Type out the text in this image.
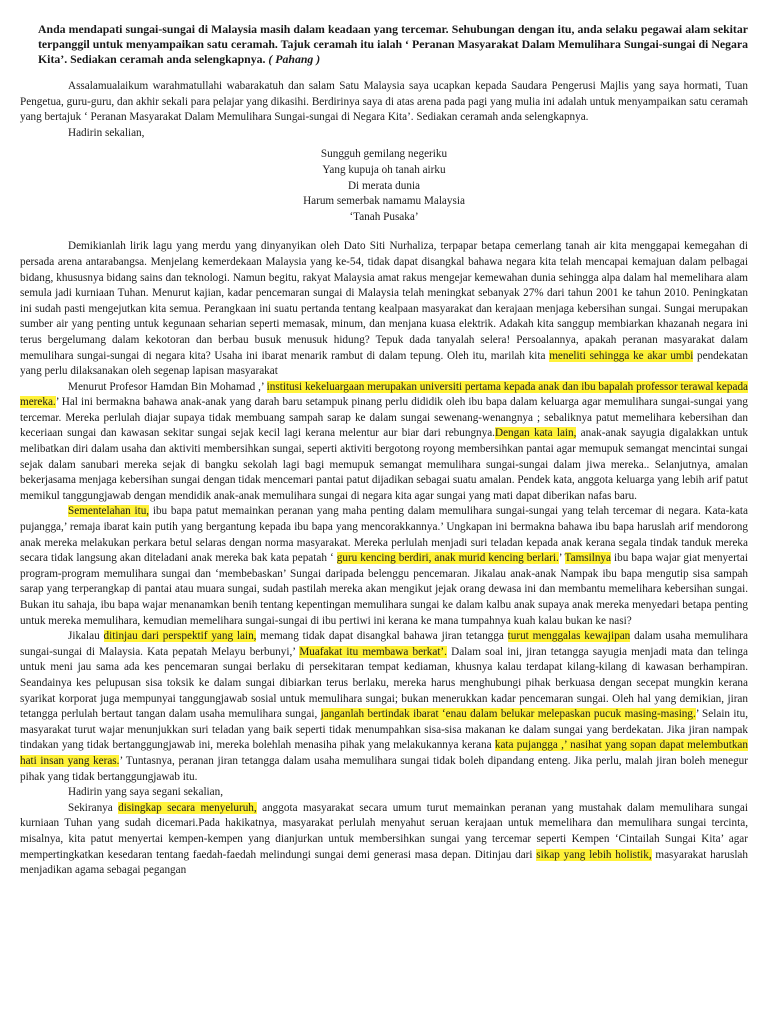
Anda mendapati sungai-sungai di Malaysia masih dalam keadaan yang tercemar. Sehubungan dengan itu, anda selaku pegawai alam sekitar terpanggil untuk menyampaikan satu ceramah. Tajuk ceramah itu ialah ‘ Peranan Masyarakat Dalam Memulihara Sungai-sungai di Negara Kita’. Sediakan ceramah anda selengkapnya. ( Pahang )

Assalamualaikum warahmatullahi wabarakatuh dan salam Satu Malaysia saya ucapkan kepada Saudara Pengerusi Majlis yang saya hormati, Tuan Pengetua, guru-guru, dan akhir sekali para pelajar yang dikasihi. Berdirinya saya di atas arena pada pagi yang mulia ini adalah untuk menyampaikan satu ceramah yang bertajuk ‘ Peranan Masyarakat Dalam Memulihara Sungai-sungai di Negara Kita’. Sediakan ceramah anda selengkapnya.

Hadirin sekalian,

Sungguh gemilang negeriku
Yang kupuja oh tanah airku
Di merata dunia
Harum semerbak namamu Malaysia
‘Tanah Pusaka’

Demikianlah lirik lagu yang merdu yang dinyanyikan oleh Dato Siti Nurhaliza, terpapar betapa cemerlang tanah air kita menggapai kemegahan di persada arena antarabangsa. Menjelang kemerdekaan Malaysia yang ke-54, tidak dapat disangkal bahawa negara kita telah mencapai kemajuan dalam pelbagai bidang, khususnya bidang sains dan teknologi. Namun begitu, rakyat Malaysia amat rakus mengejar kemewahan dunia sehingga alpa dalam hal memelihara alam semula jadi kurniaan Tuhan. Menurut kajian, kadar pencemaran sungai di Malaysia telah meningkat sebanyak 27% dari tahun 2001 ke tahun 2010. Peningkatan ini sudah pasti mengejutkan kita semua. Perangkaan ini suatu pertanda tentang kealpaan masyarakat dan kerajaan menjaga kebersihan sungai. Sungai merupakan sumber air yang penting untuk kegunaan seharian seperti memasak, minum, dan menjana kuasa elektrik. Adakah kita sanggup membiarkan khazanah negara ini terus bergelumang dalam kekotoran dan berbau busuk menusuk hidung? Tepuk dada tanyalah selera! Persoalannya, apakah peranan masyarakat dalam memulihara sungai-sungai di negara kita? Usaha ini ibarat menarik rambut di dalam tepung. Oleh itu, marilah kita meneliti sehingga ke akar umbi pendekatan yang perlu dilaksanakan oleh segenap lapisan masyarakat

Menurut Profesor Hamdan Bin Mohamad ,’ institusi kekeluargaan merupakan universiti pertama kepada anak dan ibu bapalah professor terawal kepada mereka.’ Hal ini bermakna bahawa anak-anak yang darah baru setampuk pinang perlu dididik oleh ibu bapa dalam keluarga agar memulihara sungai-sungai yang tercemar. Mereka perlulah diajar supaya tidak membuang sampah sarap ke dalam sungai sewenang-wenangnya ; sebaliknya patut memelihara kebersihan dan keceriaan sungai dan kawasan sekitar sungai sejak kecil lagi kerana melentur aur biar dari rebungnya.Dengan kata lain, anak-anak sayugia digalakkan untuk melibatkan diri dalam usaha dan aktiviti membersihkan sungai, seperti aktiviti bergotong royong membersihkan pantai agar memupuk semangat mencintai sungai sejak dalam sanubari mereka sejak di bangku sekolah lagi bagi memupuk semangat memulihara sungai-sungai dalam jiwa mereka.. Selanjutnya, amalan bekerjasama menjaga kebersihan sungai dengan tidak mencemari pantai patut dijadikan sebagai suatu amalan. Pendek kata, anggota keluarga yang lebih arif patut memikul tanggungjawab dengan mendidik anak-anak memulihara sungai di negara kita agar sungai yang mati dapat diberikan nafas baru.

Sementelahan itu, ibu bapa patut memainkan peranan yang maha penting dalam memulihara sungai-sungai yang telah tercemar di negara. Kata-kata pujangga,’ remaja ibarat kain putih yang bergantung kepada ibu bapa yang mencorakkannya.’ Ungkapan ini bermakna bahawa ibu bapa haruslah arif mendorong anak mereka melakukan perkara betul selaras dengan norma masyarakat. Mereka perlulah menjadi suri teladan kepada anak kerana segala tindak tanduk mereka secara tidak langsung akan diteladani anak mereka bak kata pepatah ‘ guru kencing berdiri, anak murid kencing berlari.’ Tamsilnya ibu bapa wajar giat menyertai program-program memulihara sungai dan ‘membebaskan’ Sungai daripada belenggu pencemaran. Jikalau anak-anak Nampak ibu bapa mengutip sisa sampah sarap yang terperangkap di pantai atau muara sungai, sudah pastilah mereka akan mengikut jejak orang dewasa ini dan membantu memelihara kebersihan sungai. Bukan itu sahaja, ibu bapa wajar menanamkan benih tentang kepentingan memulihara sungai ke dalam kalbu anak supaya anak mereka menyedari betapa penting untuk mereka memulihara, kemudian memelihara sungai-sungai di ibu pertiwi ini kerana ke mana tumpahnya kuah kalau bukan ke nasi?

Jikalau ditinjau dari perspektif yang lain, memang tidak dapat disangkal bahawa jiran tetangga turut menggalas kewajipan dalam usaha memulihara sungai-sungai di Malaysia. Kata pepatah Melayu berbunyi,’ Muafakat itu membawa berkat’. Dalam soal ini, jiran tetangga sayugia menjadi mata dan telinga untuk meni jau sama ada kes pencemaran sungai berlaku di persekitaran tempat kediaman, khusnya kalau terdapat kilang-kilang di kawasan berhampiran. Seandainya kes pelupusan sisa toksik ke dalam sungai dibiarkan terus berlaku, mereka harus menghubungi pihak berkuasa dengan secepat mungkin kerana syarikat korporat juga mempunyai tanggungjawab sosial untuk memulihara sungai; bukan menerukkan kadar pencemaran sungai. Oleh hal yang demikian, jiran tetangga perlulah bertaut tangan dalam usaha memulihara sungai, janganlah bertindak ibarat ‘enau dalam belukar melepaskan pucuk masing-masing.’ Selain itu, masyarakat turut wajar menunjukkan suri teladan yang baik seperti tidak menumpahkan sisa-sisa makanan ke dalam sungai yang berdekatan. Jika jiran nampak tindakan yang tidak bertanggungjawab ini, mereka bolehlah menasiha pihak yang melakukannya kerana kata pujangga ,’ nasihat yang sopan dapat melembutkan hati insan yang keras.’ Tuntasnya, peranan jiran tetangga dalam usaha memulihara sungai tidak boleh dipandang enteng. Jika perlu, malah jiran boleh menegur pihak yang tidak bertanggungjawab itu.

Hadirin yang saya segani sekalian,

Sekiranya disingkap secara menyeluruh, anggota masyarakat secara umum turut memainkan peranan yang mustahak dalam memulihara sungai kurniaan Tuhan yang sudah dicemari.Pada hakikatnya, masyarakat perlulah menyahut seruan kerajaan untuk memelihara dan memulihara sungai tercinta, misalnya, kita patut menyertai kempen-kempen yang dianjurkan untuk membersihkan sungai yang tercemar seperti Kempen ‘Cintailah Sungai Kita’ agar mempertingkatkan kesedaran tentang faedah-faedah melindungi sungai demi generasi masa depan. Ditinjau dari sikap yang lebih holistik, masyarakat haruslah menjadikan agama sebagai pegangan
